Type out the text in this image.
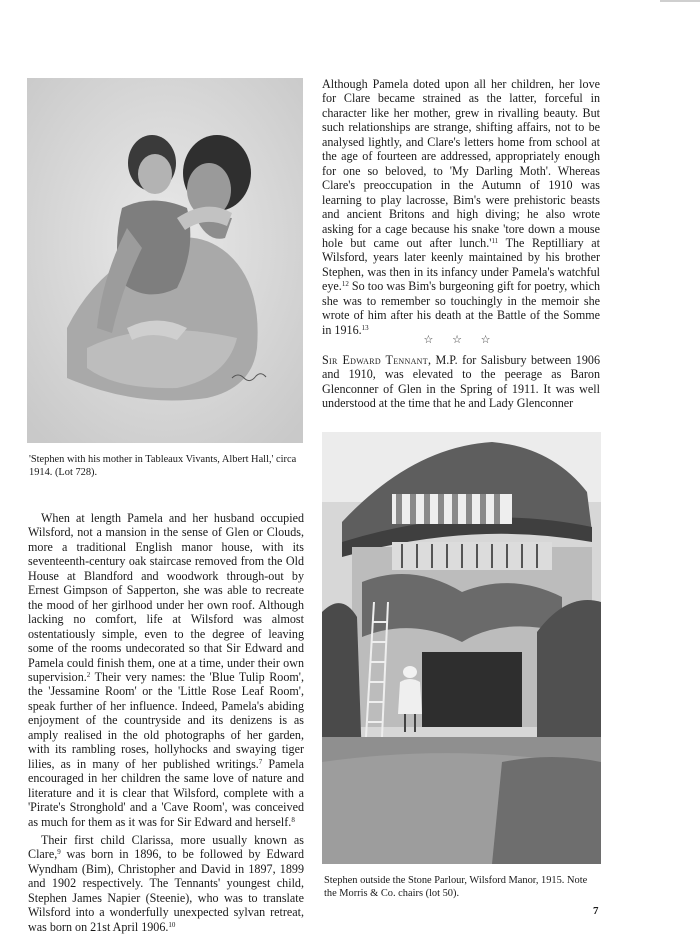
'Stephen with his mother in Tableaux Vivants, Albert Hall,' circa 1914. (Lot 728).

Although Pamela doted upon all her children, her love for Clare became strained as the latter, forceful in character like her mother, grew in rivalling beauty. But such relationships are strange, shifting affairs, not to be analysed lightly, and Clare's letters home from school at the age of fourteen are addressed, appropriately enough for one so beloved, to 'My Darling Moth'. Whereas Clare's preoccupation in the Autumn of 1910 was learning to play lacrosse, Bim's were prehistoric beasts and ancient Britons and high diving; he also wrote asking for a cage because his snake 'tore down a mouse hole but came out after $lunch.'^{11}$ The Reptilliary at Wilsford, years later keenly maintained by his brother Stephen, was then in its infancy under Pamela's watchful eye.$^{12}$ So too was Bim's burgeoning gift for poetry, which she was to remember so touchingly in the memoir she wrote of him after his death at the Battle of the Somme in 1916.13

☆ ☆ ☆

Sir Edward Tennant, M.P. for Salisbury between 1906 and 1910, was elevated to the peerage as Baron Glenconner of Glen in the Spring of 1911. It was well understood at the time that he and Lady Glenconner

Stephen outside the Stone Parlour, Wilsford Manor, 1915. Note the Morris & Co. chairs (lot 50).

When at length Pamela and her husband occupied Wilsford, not a mansion in the sense of Glen or Clouds, more a traditional English manor house, with its seventeenth-century oak staircase removed from the Old House at Blandford and woodwork through-out by Ernest Gimpson of Sapperton, she was able to recreate the mood of her girlhood under her own roof. Although lacking no comfort, life at Wilsford was almost ostentatiously simple, even to the degree of leaving some of the rooms undecorated so that Sir Edward and Pamela could finish them, one at a time, under their own supervision.$^2$ Their very names: the 'Blue Tulip Room', the 'Jessamine Room' or the 'Little Rose Leaf Room', speak further of her influence. Indeed, Pamela's abiding enjoyment of the countryside and its denizens is as amply realised in the old photographs of her garden, with its rambling roses, hollyhocks and swaying tiger lilies, as in many of her published writings.$^7$ Pamela encouraged in her children the same love of nature and literature and it is clear that Wilsford, complete with a 'Pirate's Stronghold' and a 'Cave Room', was conceived as much for them as it was for Sir Edward and herself.$^8$

Their first child Clarissa, more usually known as Clare,$^9$ was born in 1896, to be followed by Edward Wyndham (Bim), Christopher and David in 1897, 1899 and 1902 respectively. The Tennants' youngest child, Stephen James Napier (Steenie), who was to translate Wilsford into a wonderfully unexpected sylvan retreat, was born on 21st April 1906.10

7
